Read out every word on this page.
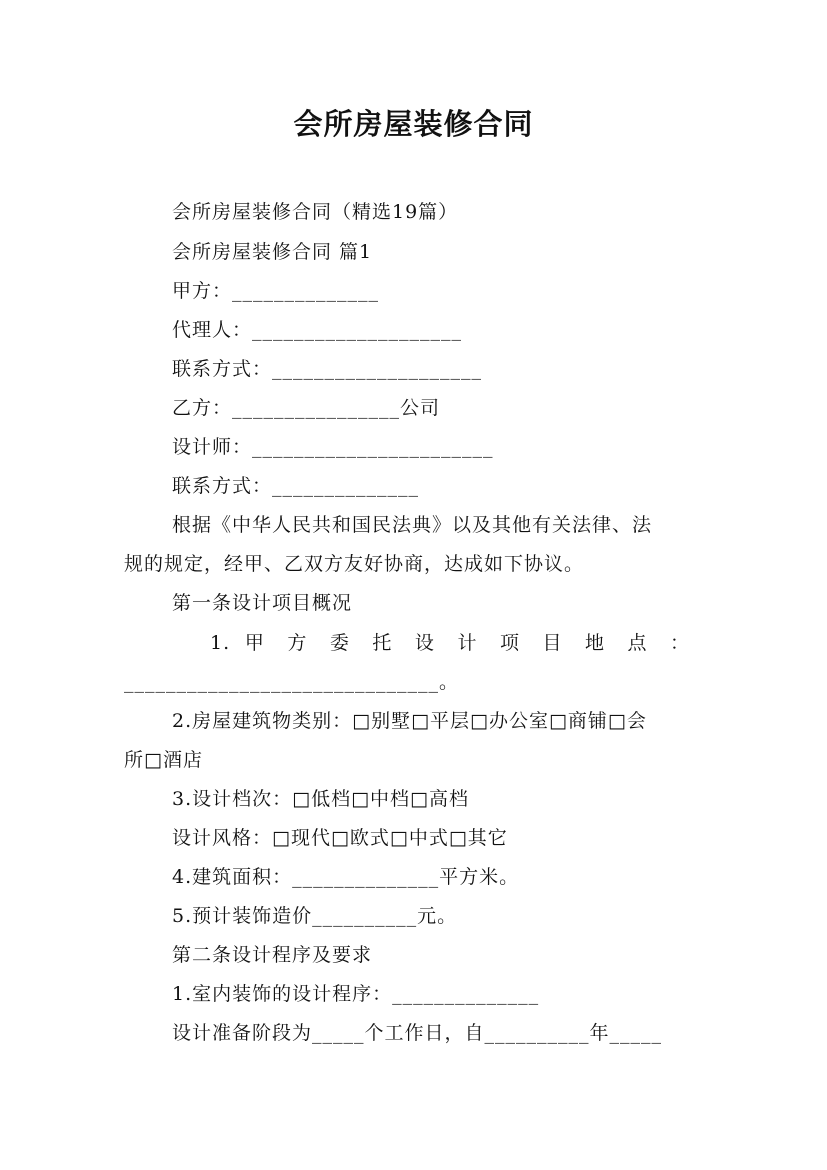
会所房屋装修合同
会所房屋装修合同（精选19篇）
会所房屋装修合同 篇1
甲方：______________
代理人：____________________
联系方式：____________________
乙方：________________公司
设计师：_______________________
联系方式：______________
根据《中华人民共和国民法典》以及其他有关法律、法
规的规定，经甲、乙双方友好协商，达成如下协议。
第一条设计项目概况
1. 甲 方 委 托 设 计 项 目 地 点 ：
______________________________。
2.房屋建筑物类别：□别墅□平层□办公室□商铺□会
所□酒店
3.设计档次：□低档□中档□高档
设计风格：□现代□欧式□中式□其它
4.建筑面积：______________平方米。
5.预计装饰造价__________元。
第二条设计程序及要求
1.室内装饰的设计程序：______________
设计准备阶段为_____个工作日，自__________年_____
